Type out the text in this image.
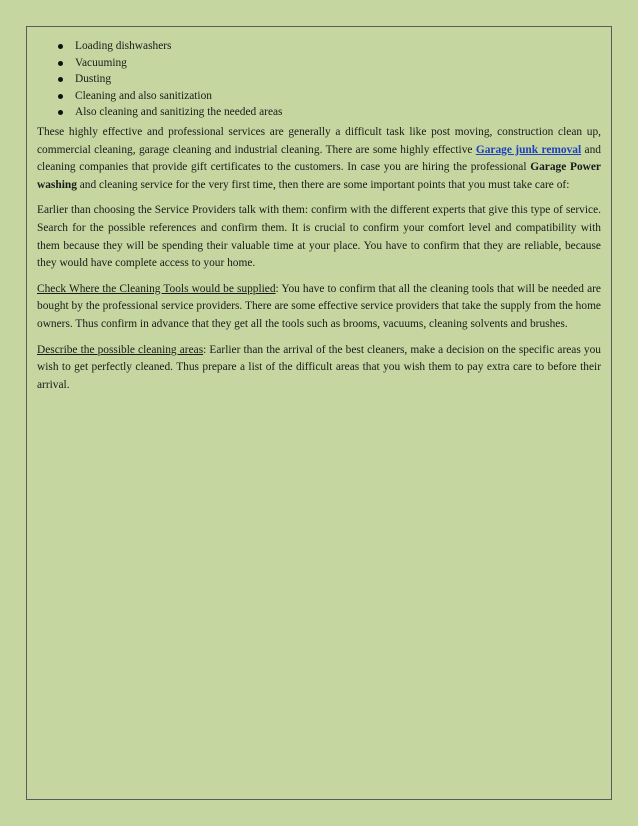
Loading dishwashers
Vacuuming
Dusting
Cleaning and also sanitization
Also cleaning and sanitizing the needed areas

These highly effective and professional services are generally a difficult task like post moving, construction clean up, commercial cleaning, garage cleaning and industrial cleaning. There are some highly effective Garage junk removal and cleaning companies that provide gift certificates to the customers. In case you are hiring the professional Garage Power washing and cleaning service for the very first time, then there are some important points that you must take care of:

Earlier than choosing the Service Providers talk with them: confirm with the different experts that give this type of service. Search for the possible references and confirm them. It is crucial to confirm your comfort level and compatibility with them because they will be spending their valuable time at your place. You have to confirm that they are reliable, because they would have complete access to your home.

Check Where the Cleaning Tools would be supplied: You have to confirm that all the cleaning tools that will be needed are bought by the professional service providers. There are some effective service providers that take the supply from the home owners. Thus confirm in advance that they get all the tools such as brooms, vacuums, cleaning solvents and brushes.

Describe the possible cleaning areas: Earlier than the arrival of the best cleaners, make a decision on the specific areas you wish to get perfectly cleaned. Thus prepare a list of the difficult areas that you wish them to pay extra care to before their arrival.
